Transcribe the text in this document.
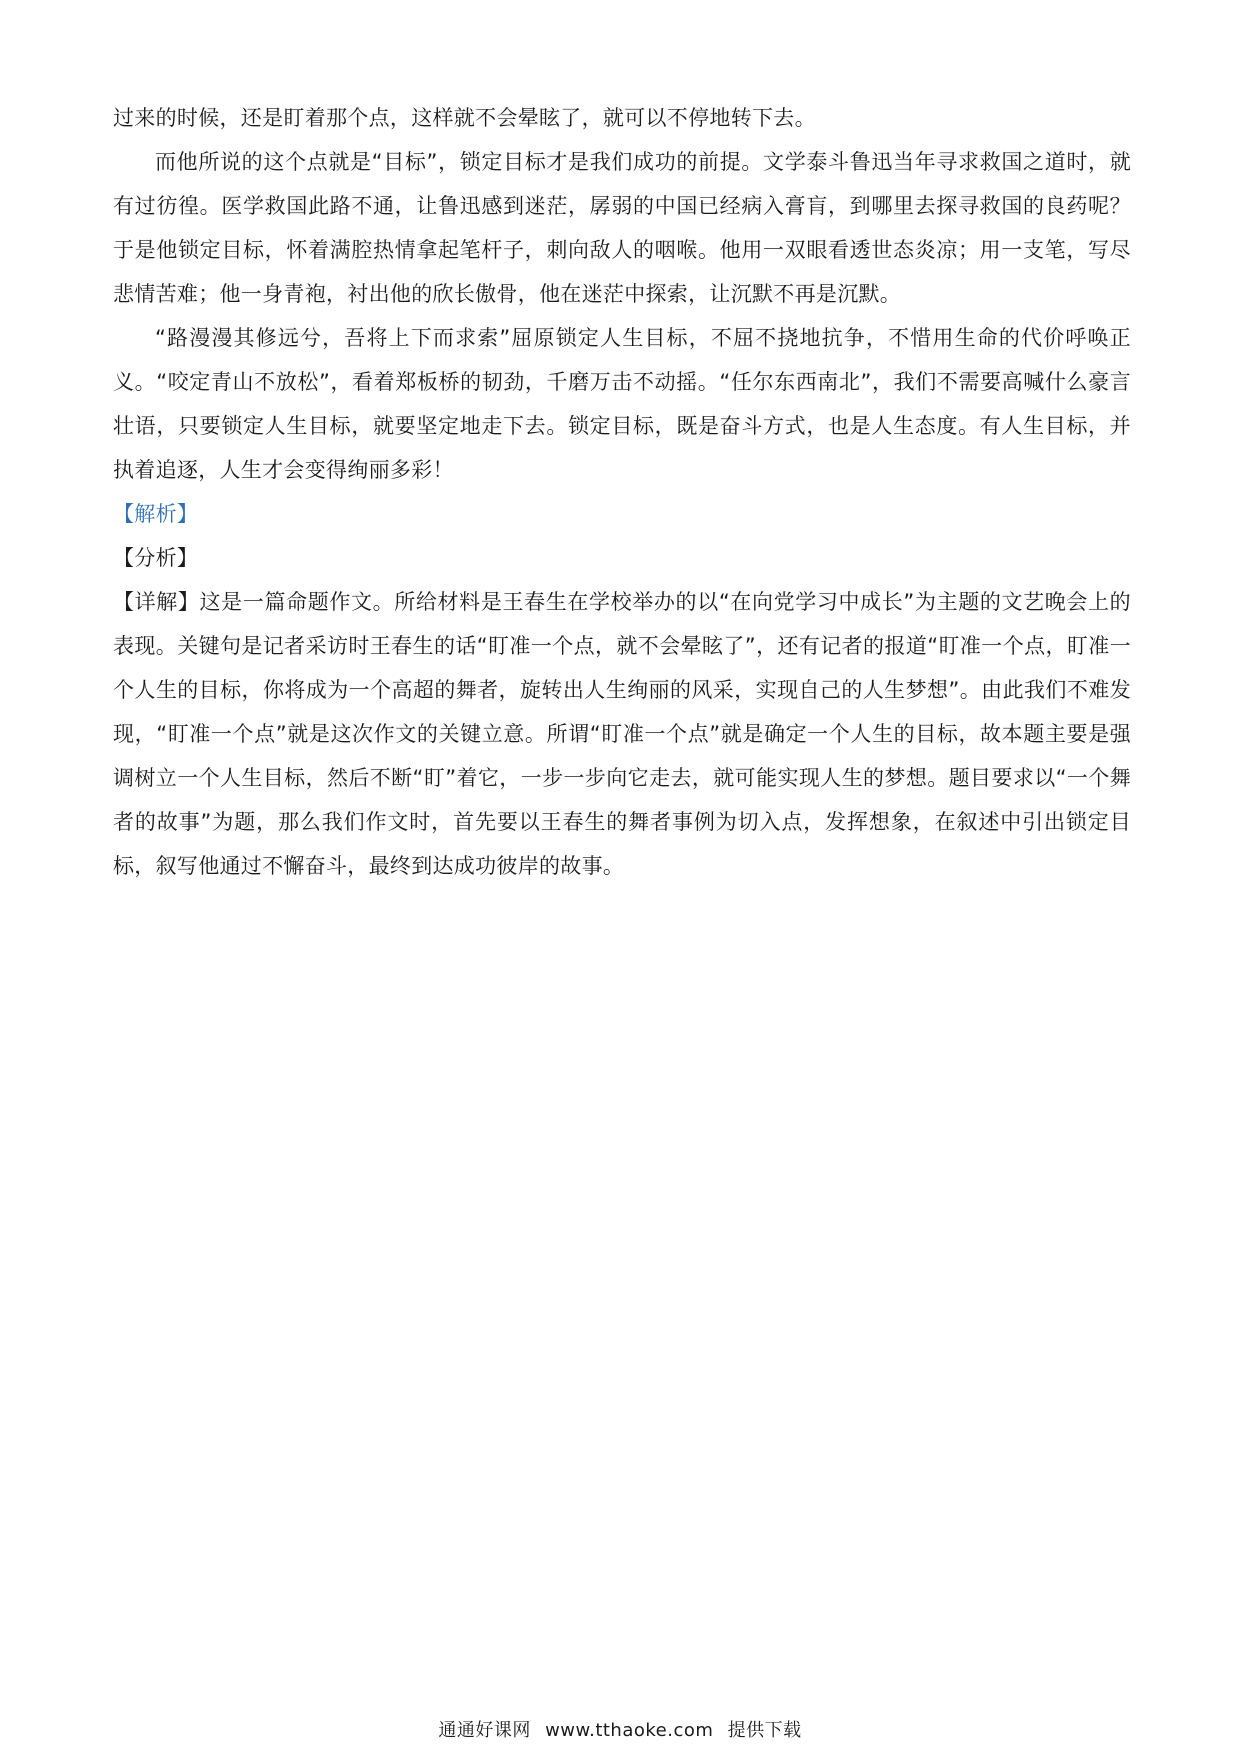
过来的时候，还是盯着那个点，这样就不会晕眩了，就可以不停地转下去。

而他所说的这个点就是“目标”，锁定目标才是我们成功的前提。文学泰斗鲁迅当年寻求救国之道时，就有过彷徨。医学救国此路不通，让鲁迅感到迷茫，孱弱的中国已经病入膏肓，到哪里去探寻救国的良药呢？于是他锁定目标，怀着满腔热情拿起笔杆子，刺向敌人的咽喉。他用一双眼看透世态炎凉；用一支笔，写尽悲情苦难；他一身青袍，衬出他的欣长傲骨，他在迷茫中探索，让沉默不再是沉默。

“路漫漫其修远兮，吾将上下而求索”屈原锁定人生目标，不屈不挠地抗争，不惜用生命的代价呼唤正义。“咬定青山不放松”，看着郑板桥的韧劲，千磨万击不动摇。“任尔东西南北”，我们不需要高喊什么豪言壮语，只要锁定人生目标，就要坚定地走下去。锁定目标，既是奋斗方式，也是人生态度。有人生目标，并执着追逐，人生才会变得绚丽多彩！

【解析】

【分析】

【详解】这是一篇命题作文。所给材料是王春生在学校举办的以“在向党学习中成长”为主题的文艺晚会上的表现。关键句是记者采访时王春生的话“盯准一个点，就不会晕眩了”，还有记者的报道“盯准一个点，盯准一个人生的目标，你将成为一个高超的舞者，旋转出人生绚丽的风采，实现自己的人生梦想”。由此我们不难发现，“盯准一个点”就是这次作文的关键立意。所谓“盯准一个点”就是确定一个人生的目标，故本题主要是强调树立一个人生目标，然后不断“盯”着它，一步一步向它走去，就可能实现人生的梦想。题目要求以“一个舞者的故事”为题，那么我们作文时，首先要以王春生的舞者事例为切入点，发挥想象，在叙述中引出锁定目标，叙写他通过不懈奋斗，最终到达成功彼岸的故事。

通通好课网 www.tthaoke.com 提供下载
